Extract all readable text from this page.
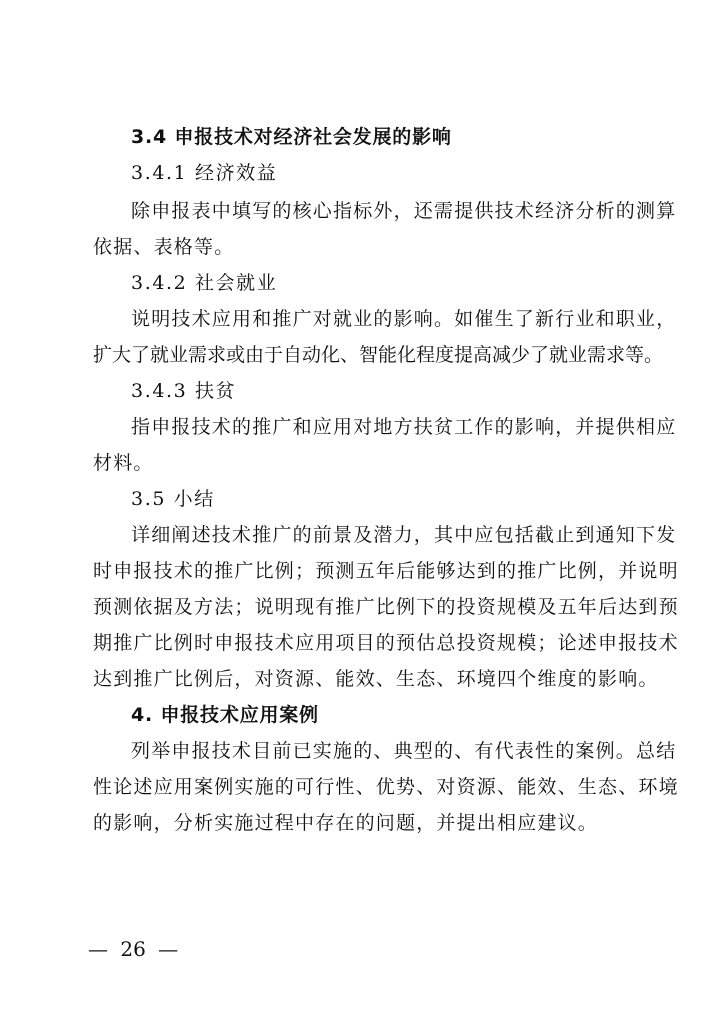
3.4 申报技术对经济社会发展的影响
3.4.1 经济效益
除申报表中填写的核心指标外，还需提供技术经济分析的测算
依据、表格等。
3.4.2 社会就业
说明技术应用和推广对就业的影响。如催生了新行业和职业，
扩大了就业需求或由于自动化、智能化程度提高减少了就业需求等。
3.4.3 扶贫
指申报技术的推广和应用对地方扶贫工作的影响，并提供相应
材料。
3.5 小结
详细阐述技术推广的前景及潜力，其中应包括截止到通知下发
时申报技术的推广比例；预测五年后能够达到的推广比例，并说明
预测依据及方法；说明现有推广比例下的投资规模及五年后达到预
期推广比例时申报技术应用项目的预估总投资规模；论述申报技术
达到推广比例后，对资源、能效、生态、环境四个维度的影响。
4. 申报技术应用案例
列举申报技术目前已实施的、典型的、有代表性的案例。总结
性论述应用案例实施的可行性、优势、对资源、能效、生态、环境
的影响，分析实施过程中存在的问题，并提出相应建议。
— 26 —
